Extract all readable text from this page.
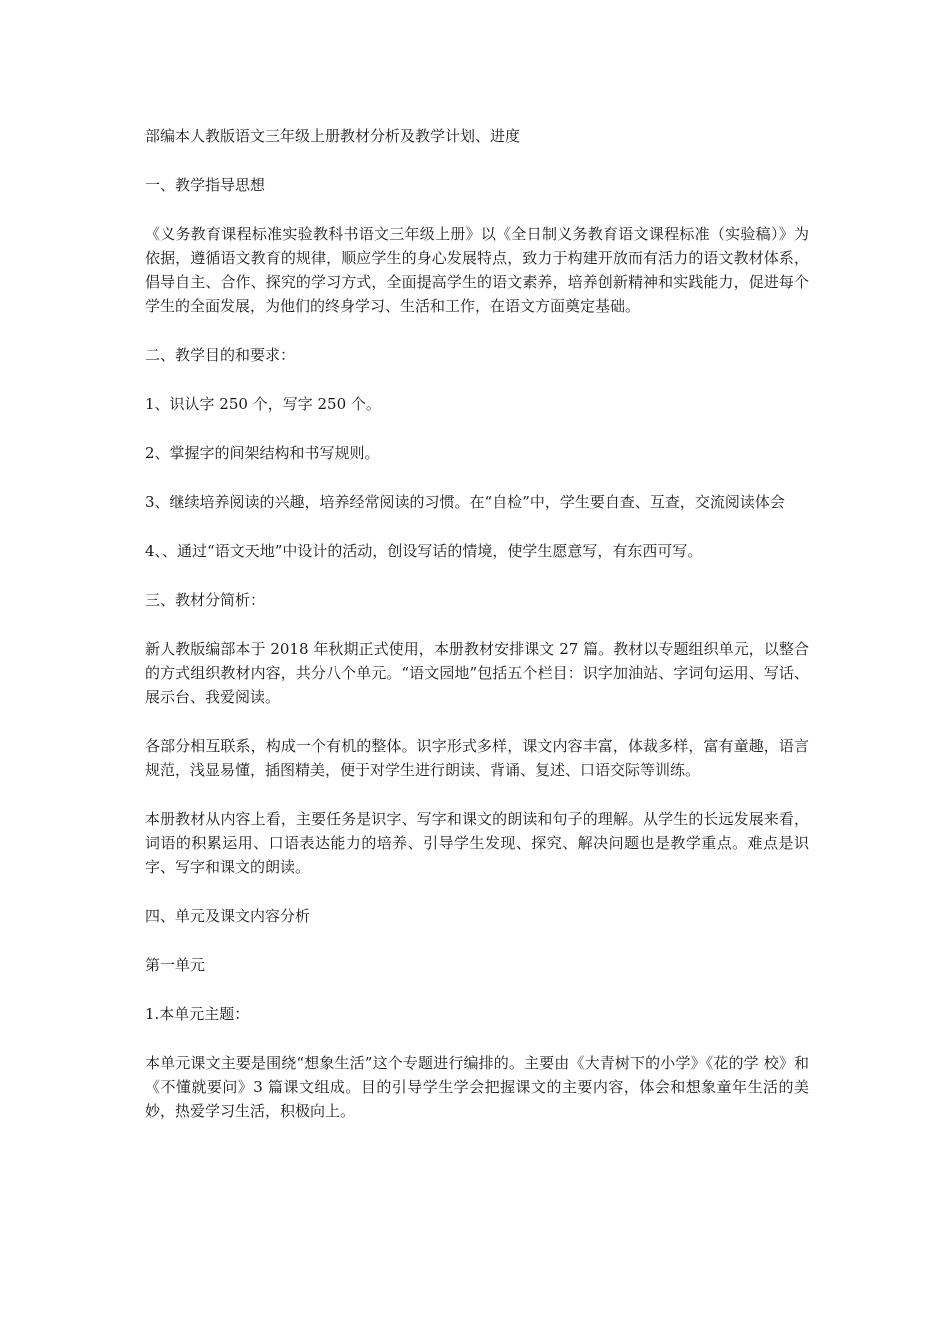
部编本人教版语文三年级上册教材分析及教学计划、进度

一、教学指导思想

《义务教育课程标准实验教科书语文三年级上册》以《全日制义务教育语文课程标准（实验稿）》为依据，遵循语文教育的规律，顺应学生的身心发展特点，致力于构建开放而有活力的语文教材体系，倡导自主、合作、探究的学习方式，全面提高学生的语文素养，培养创新精神和实践能力，促进每个学生的全面发展，为他们的终身学习、生活和工作，在语文方面奠定基础。

二、教学目的和要求：

1、识认字 250 个，写字 250 个。

2、掌握字的间架结构和书写规则。

3、继续培养阅读的兴趣，培养经常阅读的习惯。在“自检”中，学生要自查、互查，交流阅读体会

4、、通过“语文天地”中设计的活动，创设写话的情境，使学生愿意写，有东西可写。

三、教材分简析：

新人教版编部本于 2018 年秋期正式使用，本册教材安排课文 27 篇。教材以专题组织单元，以整合的方式组织教材内容，共分八个单元。“语文园地”包括五个栏目：识字加油站、字词句运用、写话、展示台、我爱阅读。

各部分相互联系，构成一个有机的整体。识字形式多样，课文内容丰富，体裁多样，富有童趣，语言规范，浅显易懂，插图精美，便于对学生进行朗读、背诵、复述、口语交际等训练。

本册教材从内容上看，主要任务是识字、写字和课文的朗读和句子的理解。从学生的长远发展来看，词语的积累运用、口语表达能力的培养、引导学生发现、探究、解决问题也是教学重点。难点是识字、写字和课文的朗读。

四、单元及课文内容分析

第一单元

1.本单元主题：

本单元课文主要是围绕“想象生活”这个专题进行编排的。主要由《大青树下的小学》《花的学 校》和《不懂就要问》3 篇课文组成。目的引导学生学会把握课文的主要内容，体会和想象童年生活的美妙，热爱学习生活，积极向上。
